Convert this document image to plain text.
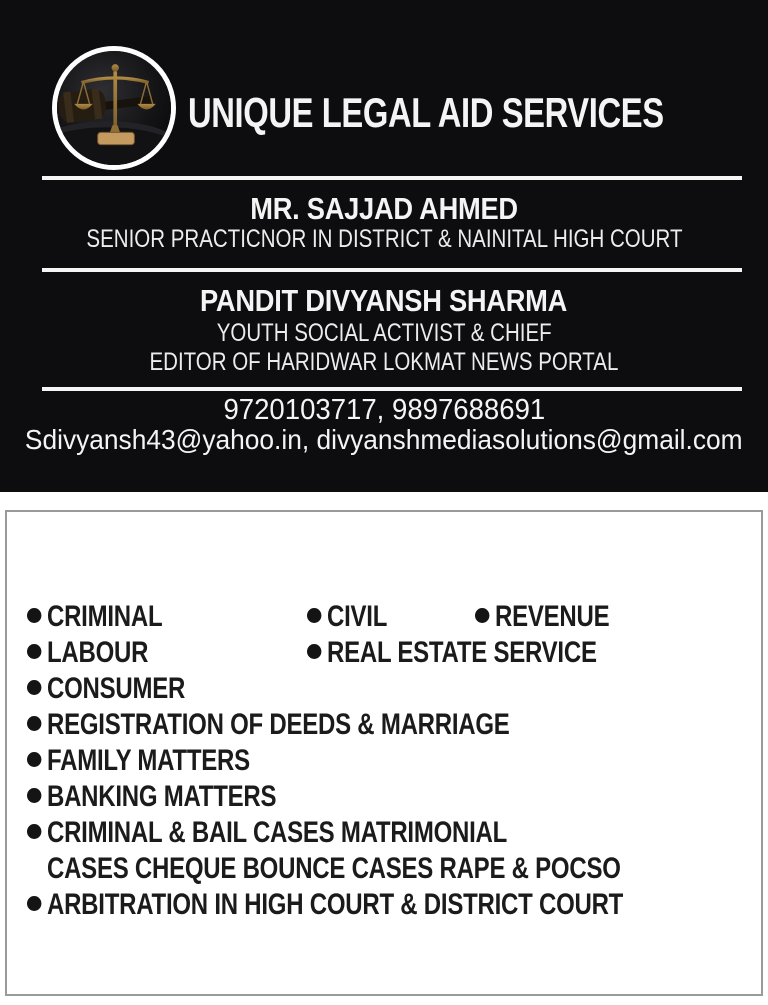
UNIQUE LEGAL AID SERVICES
MR. SAJJAD AHMED
SENIOR PRACTICNOR IN DISTRICT & NAINITAL HIGH COURT
PANDIT DIVYANSH SHARMA
YOUTH SOCIAL ACTIVIST & CHIEF
EDITOR OF HARIDWAR LOKMAT NEWS PORTAL
9720103717, 9897688691
Sdivyansh43@yahoo.in, divyanshmediasolutions@gmail.com
CRIMINAL	CIVIL	REVENUE
LABOUR	REAL ESTATE SERVICE
CONSUMER
REGISTRATION OF DEEDS & MARRIAGE
FAMILY MATTERS
BANKING MATTERS
CRIMINAL & BAIL CASES MATRIMONIAL
CASES CHEQUE BOUNCE CASES RAPE & POCSO
ARBITRATION IN HIGH COURT & DISTRICT COURT
